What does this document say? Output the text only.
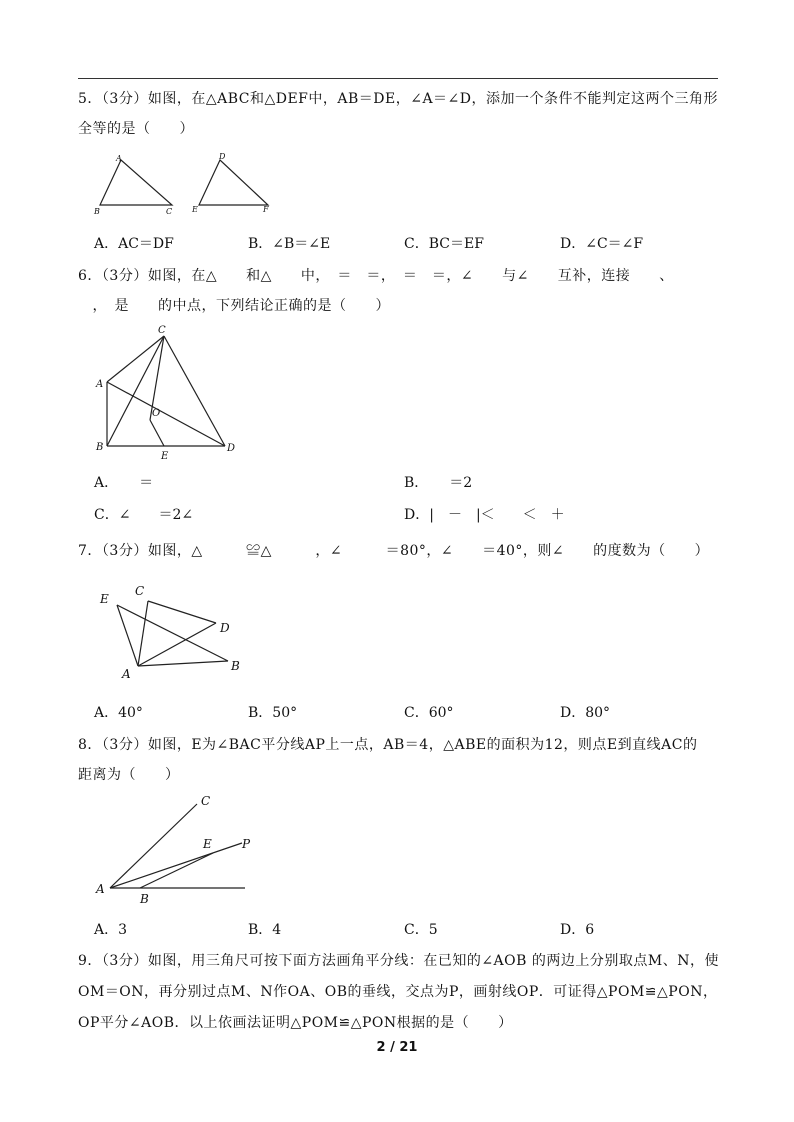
5．（3分）如图，在△ABC和△DEF中，AB＝DE，∠A＝∠D，添加一个条件不能判定这两个三角形
全等的是（　　）
A
B	C
D
E	F
A．AC＝DF	B．∠B＝∠E	C．BC＝EF	D．∠C＝∠F
6．（3分）如图，在△　　和△　　中，　＝　＝，　＝　＝，∠　　与∠　　互补，连接　　、
　，　是　　的中点，下列结论正确的是（　　）
C
A
O
B
E
D
A．　　＝	B．　　＝2
C．∠　　＝2∠	D．|　－　|＜　　＜　＋
7．（3分）如图，△　　　≌△　　　，∠　　　＝80°，∠　　＝40°，则∠　　的度数为（　　）
E
C
D
A
B
A．40°	B．50°	C．60°	D．80°
8．（3分）如图，E为∠BAC平分线AP上一点，AB＝4，△ABE的面积为12，则点E到直线AC的
距离为（　　）
C
E	P
A
B
A．3	B．4	C．5	D．6
9．（3分）如图，用三角尺可按下面方法画角平分线：在已知的∠AOB 的两边上分别取点M、N，使
OM＝ON，再分别过点M、N作OA、OB的垂线，交点为P，画射线OP．可证得△POM≌△PON，
OP平分∠AOB．以上依画法证明△POM≌△PON根据的是（　　）
2 / 21
